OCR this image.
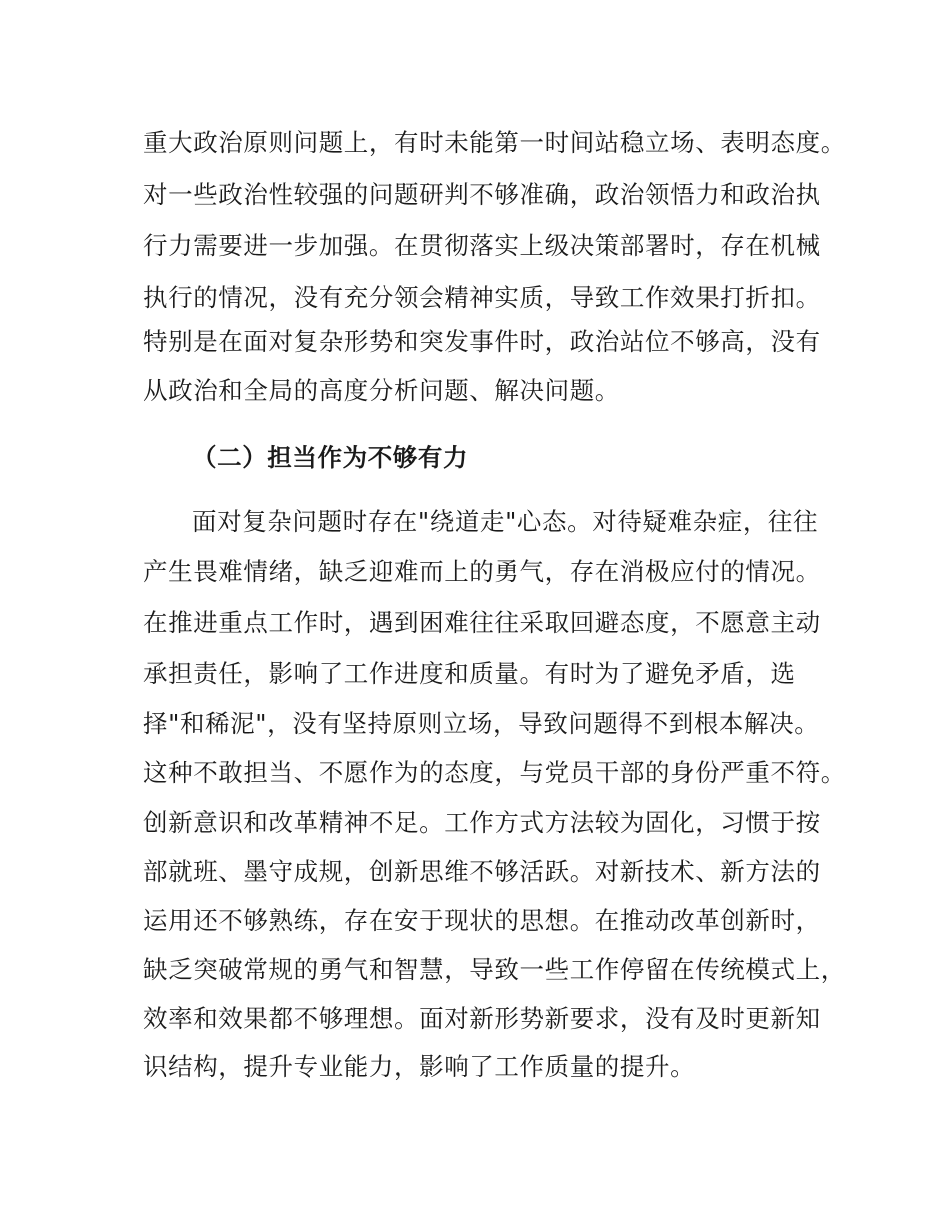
重大政治原则问题上，有时未能第一时间站稳立场、表明态度。
对一些政治性较强的问题研判不够准确，政治领悟力和政治执
行力需要进一步加强。在贯彻落实上级决策部署时，存在机械
执行的情况，没有充分领会精神实质，导致工作效果打折扣。
特别是在面对复杂形势和突发事件时，政治站位不够高，没有
从政治和全局的高度分析问题、解决问题。
（二）担当作为不够有力
面对复杂问题时存在"绕道走"心态。对待疑难杂症，往往
产生畏难情绪，缺乏迎难而上的勇气，存在消极应付的情况。
在推进重点工作时，遇到困难往往采取回避态度，不愿意主动
承担责任，影响了工作进度和质量。有时为了避免矛盾，选
择"和稀泥"，没有坚持原则立场，导致问题得不到根本解决。
这种不敢担当、不愿作为的态度，与党员干部的身份严重不符。
创新意识和改革精神不足。工作方式方法较为固化，习惯于按
部就班、墨守成规，创新思维不够活跃。对新技术、新方法的
运用还不够熟练，存在安于现状的思想。在推动改革创新时，
缺乏突破常规的勇气和智慧，导致一些工作停留在传统模式上，
效率和效果都不够理想。面对新形势新要求，没有及时更新知
识结构，提升专业能力，影响了工作质量的提升。
